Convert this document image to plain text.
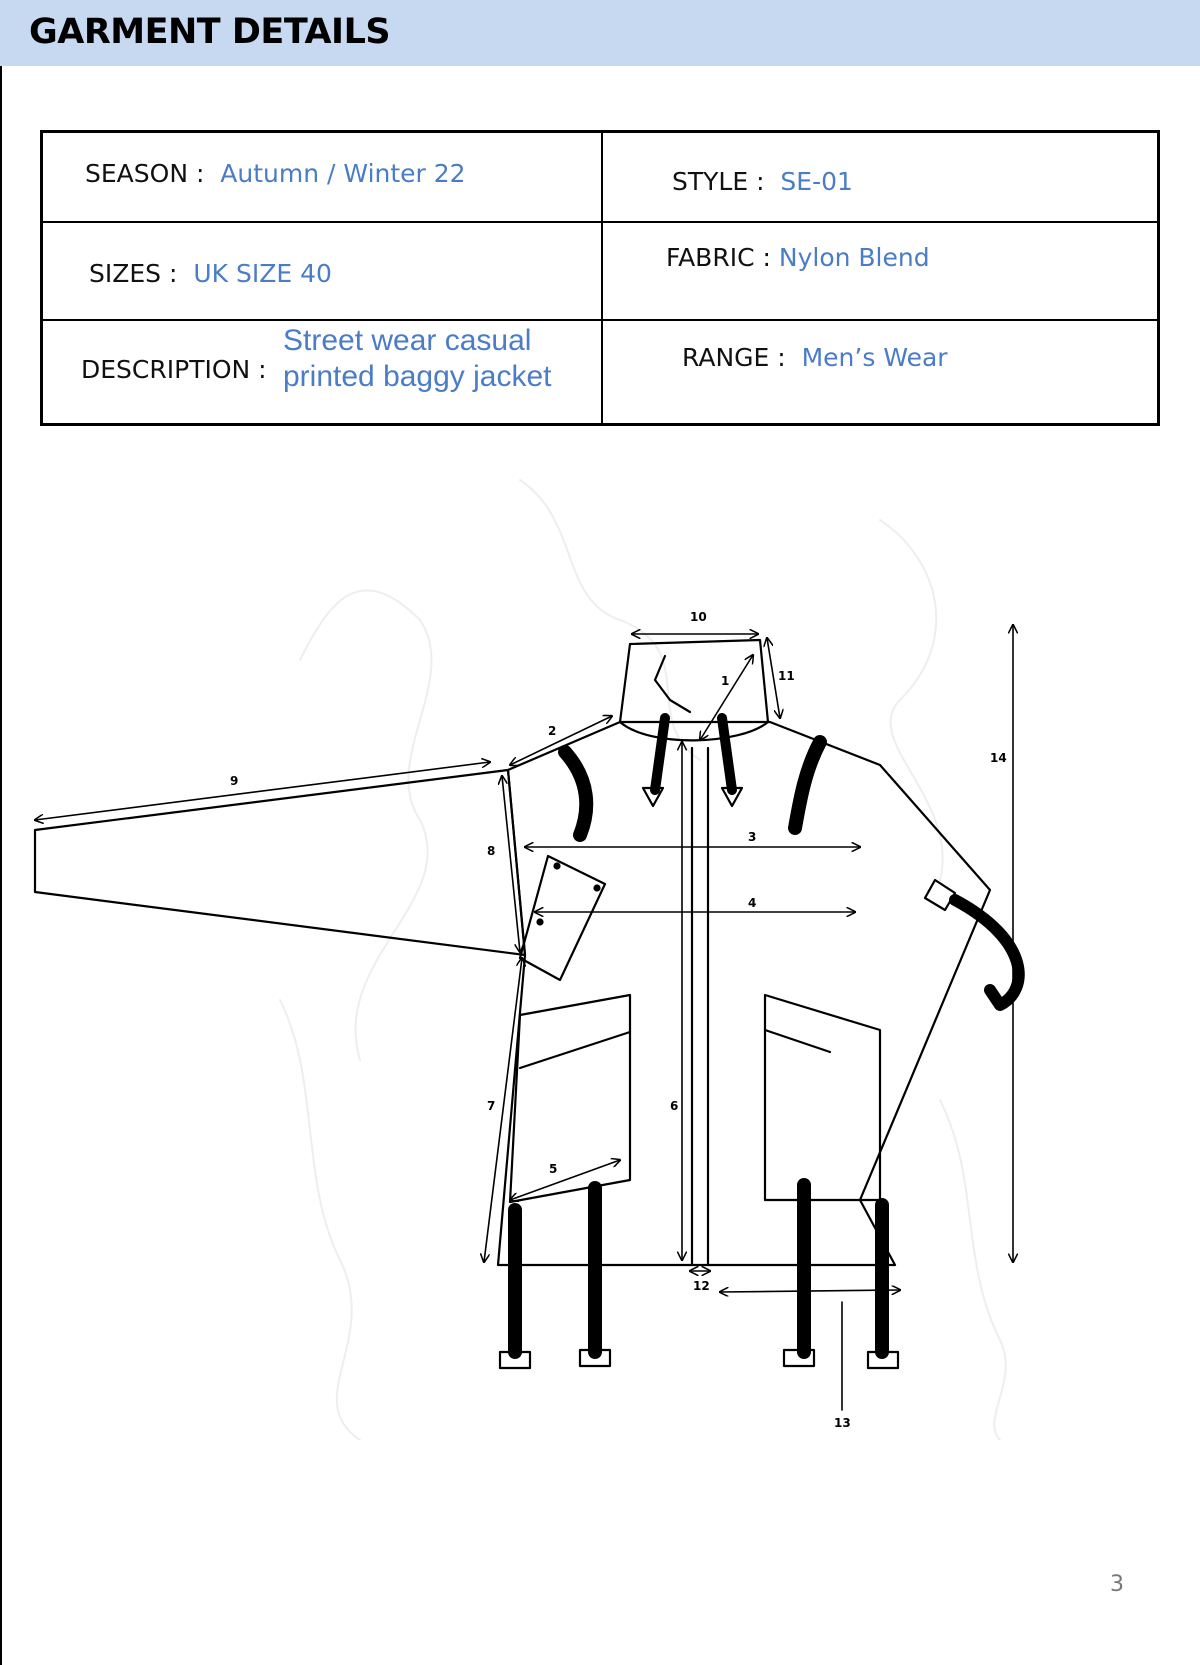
GARMENT DETAILS
SEASON : Autumn / Winter 22	STYLE : SE-01
SIZES : UK SIZE 40
FABRIC : Nylon Blend
DESCRIPTION :
Street wear casual
printed baggy jacket
RANGE : Men’s Wear
1
2
3
4
5
6
7
8
9
10
11
12
13
14
3
